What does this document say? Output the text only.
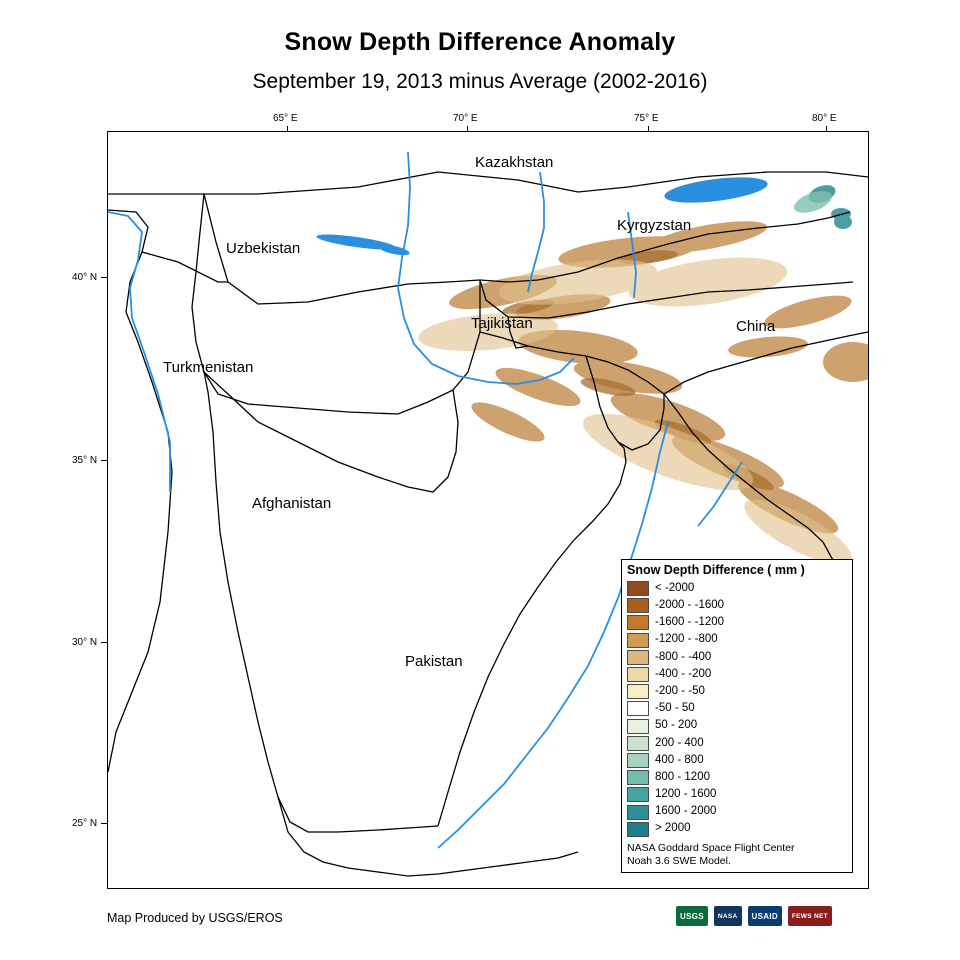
Snow Depth Difference Anomaly
September 19, 2013 minus Average (2002-2016)
65° E	70° E	75° E	80° E
40° N
35° N
30° N
25° N
Kazakhstan
Kyrgyzstan
Uzbekistan
Tajikistan	China
Turkmenistan
Afghanistan
Pakistan
Snow Depth Difference ( mm )
< -2000
-2000 - -1600
-1600 - -1200
-1200 - -800
-800 - -400
-400 - -200
-200 - -50
-50 - 50
50 - 200
200 - 400
400 - 800
800 - 1200
1200 - 1600
1600 - 2000
> 2000
NASA Goddard Space Flight Center
Noah 3.6 SWE Model.
Map Produced by USGS/EROS	USGS	NASA	USAID	FEWS NET
